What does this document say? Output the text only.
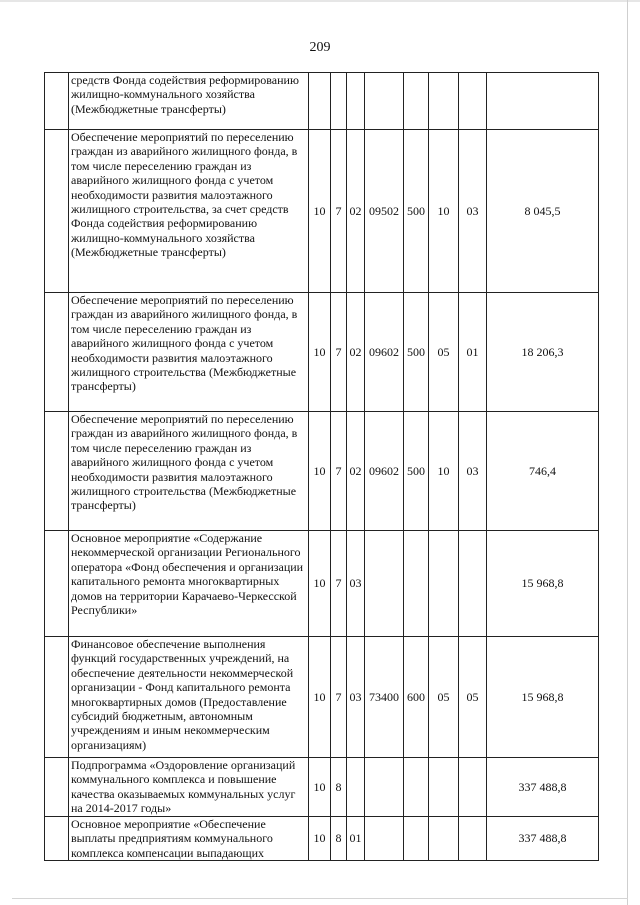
209
	средств Фонда содействия реформированию жилищно-коммунального хозяйства (Межбюджетные трансферты)								
	Обеспечение мероприятий по переселению граждан из аварийного жилищного фонда, в том числе переселению граждан из аварийного жилищного фонда с учетом необходимости развития малоэтажного жилищного строительства, за счет средств Фонда содействия реформированию жилищно-коммунального хозяйства (Межбюджетные трансферты)	10	7	02	09502	500	10	03	8 045,5
	Обеспечение мероприятий по переселению граждан из аварийного жилищного фонда, в том числе переселению граждан из аварийного жилищного фонда с учетом необходимости развития малоэтажного жилищного строительства (Межбюджетные трансферты)	10	7	02	09602	500	05	01	18 206,3
	Обеспечение мероприятий по переселению граждан из аварийного жилищного фонда, в том числе переселению граждан из аварийного жилищного фонда с учетом необходимости развития малоэтажного жилищного строительства (Межбюджетные трансферты)	10	7	02	09602	500	10	03	746,4
	Основное мероприятие «Содержание некоммерческой организации Регионального оператора «Фонд обеспечения и организации капитального ремонта многоквартирных домов на территории Карачаево-Черкесской Республики»	10	7	03					15 968,8
	Финансовое обеспечение выполнения функций государственных учреждений, на обеспечение деятельности некоммерческой организации - Фонд капитального ремонта многоквартирных домов (Предоставление субсидий бюджетным, автономным учреждениям и иным некоммерческим организациям)	10	7	03	73400	600	05	05	15 968,8
	Подпрограмма «Оздоровление организаций коммунального комплекса и повышение качества оказываемых коммунальных услуг на 2014-2017 годы»	10	8						337 488,8
	Основное мероприятие «Обеспечение выплаты предприятиям коммунального комплекса компенсации выпадающих	10	8	01					337 488,8
